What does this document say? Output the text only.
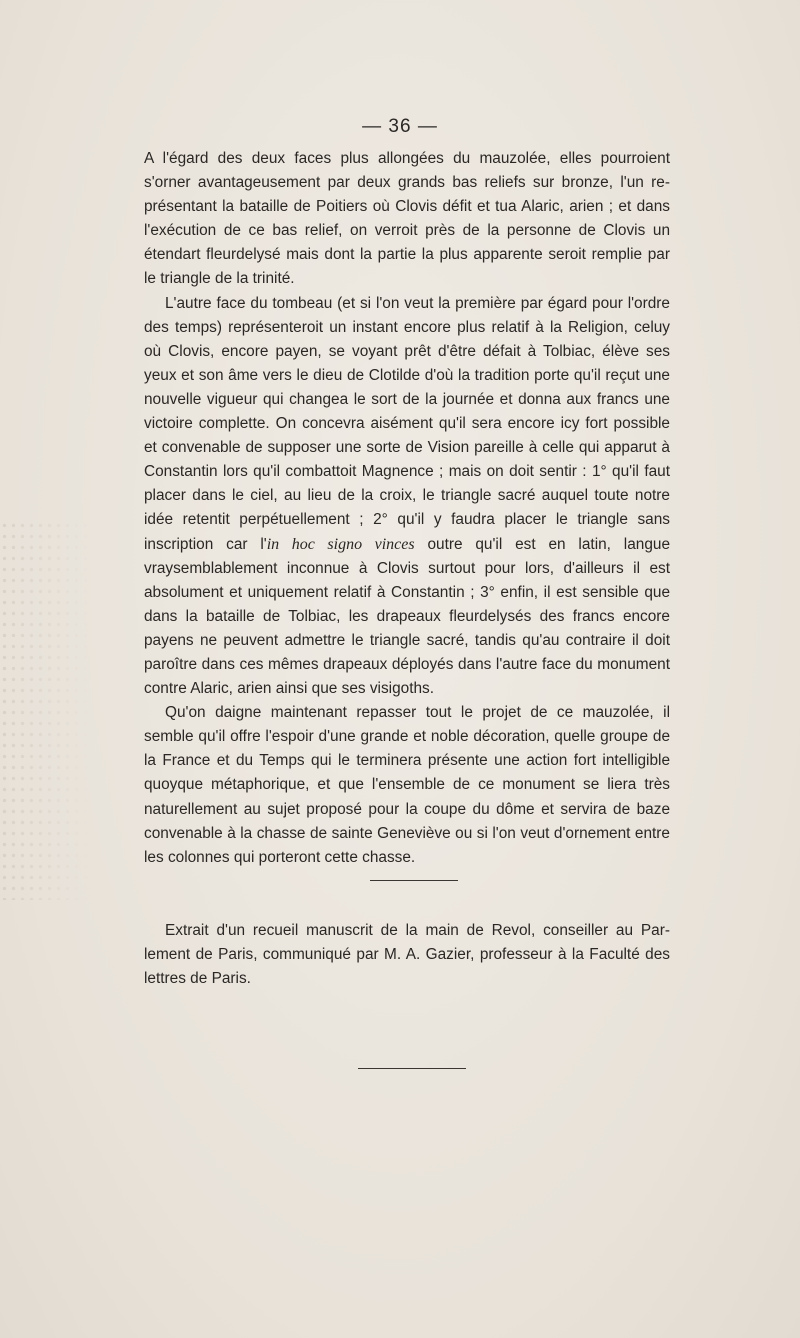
— 36 —

A l'égard des deux faces plus allongées du mauzolée, elles pourroient s'orner avantageusement par deux grands bas reliefs sur bronze, l'un représentant la bataille de Poitiers où Clovis défit et tua Alaric, arien ; et dans l'exécution de ce bas relief, on verroit près de la personne de Clovis un étendart fleurdelysé mais dont la partie la plus apparente seroit remplie par le triangle de la trinité.

L'autre face du tombeau (et si l'on veut la première par égard pour l'ordre des temps) représenteroit un instant encore plus relatif à la Religion, celuy où Clovis, encore payen, se voyant prêt d'être défait à Tolbiac, élève ses yeux et son âme vers le dieu de Clotilde d'où la tradition porte qu'il reçut une nouvelle vigueur qui changea le sort de la journée et donna aux francs une victoire complette. On concevra aisément qu'il sera encore icy fort possible et convenable de supposer une sorte de Vision pareille à celle qui apparut à Constantin lors qu'il combattoit Magnence ; mais on doit sentir : 1° qu'il faut placer dans le ciel, au lieu de la croix, le triangle sacré auquel toute notre idée retentit perpétuellement ; 2° qu'il y faudra placer le triangle sans inscription car l'in hoc signo vinces outre qu'il est en latin, langue vraysemblablement inconnue à Clovis surtout pour lors, d'ailleurs il est absolument et uniquement relatif à Constantin ; 3° enfin, il est sensible que dans la bataille de Tolbiac, les drapeaux fleurdelysés des francs encore payens ne peuvent admettre le triangle sacré, tandis qu'au contraire il doit paroître dans ces mêmes drapeaux déployés dans l'autre face du monument contre Alaric, arien ainsi que ses visigoths.

Qu'on daigne maintenant repasser tout le projet de ce mauzolée, il semble qu'il offre l'espoir d'une grande et noble décoration, quelle groupe de la France et du Temps qui le terminera présente une action fort intelligible quoyque métaphorique, et que l'ensemble de ce monument se liera très naturellement au sujet proposé pour la coupe du dôme et servira de baze convenable à la chasse de sainte Geneviève ou si l'on veut d'ornement entre les colonnes qui porteront cette chasse.

Extrait d'un recueil manuscrit de la main de Revol, conseiller au Parlement de Paris, communiqué par M. A. Gazier, professeur à la Faculté des lettres de Paris.
